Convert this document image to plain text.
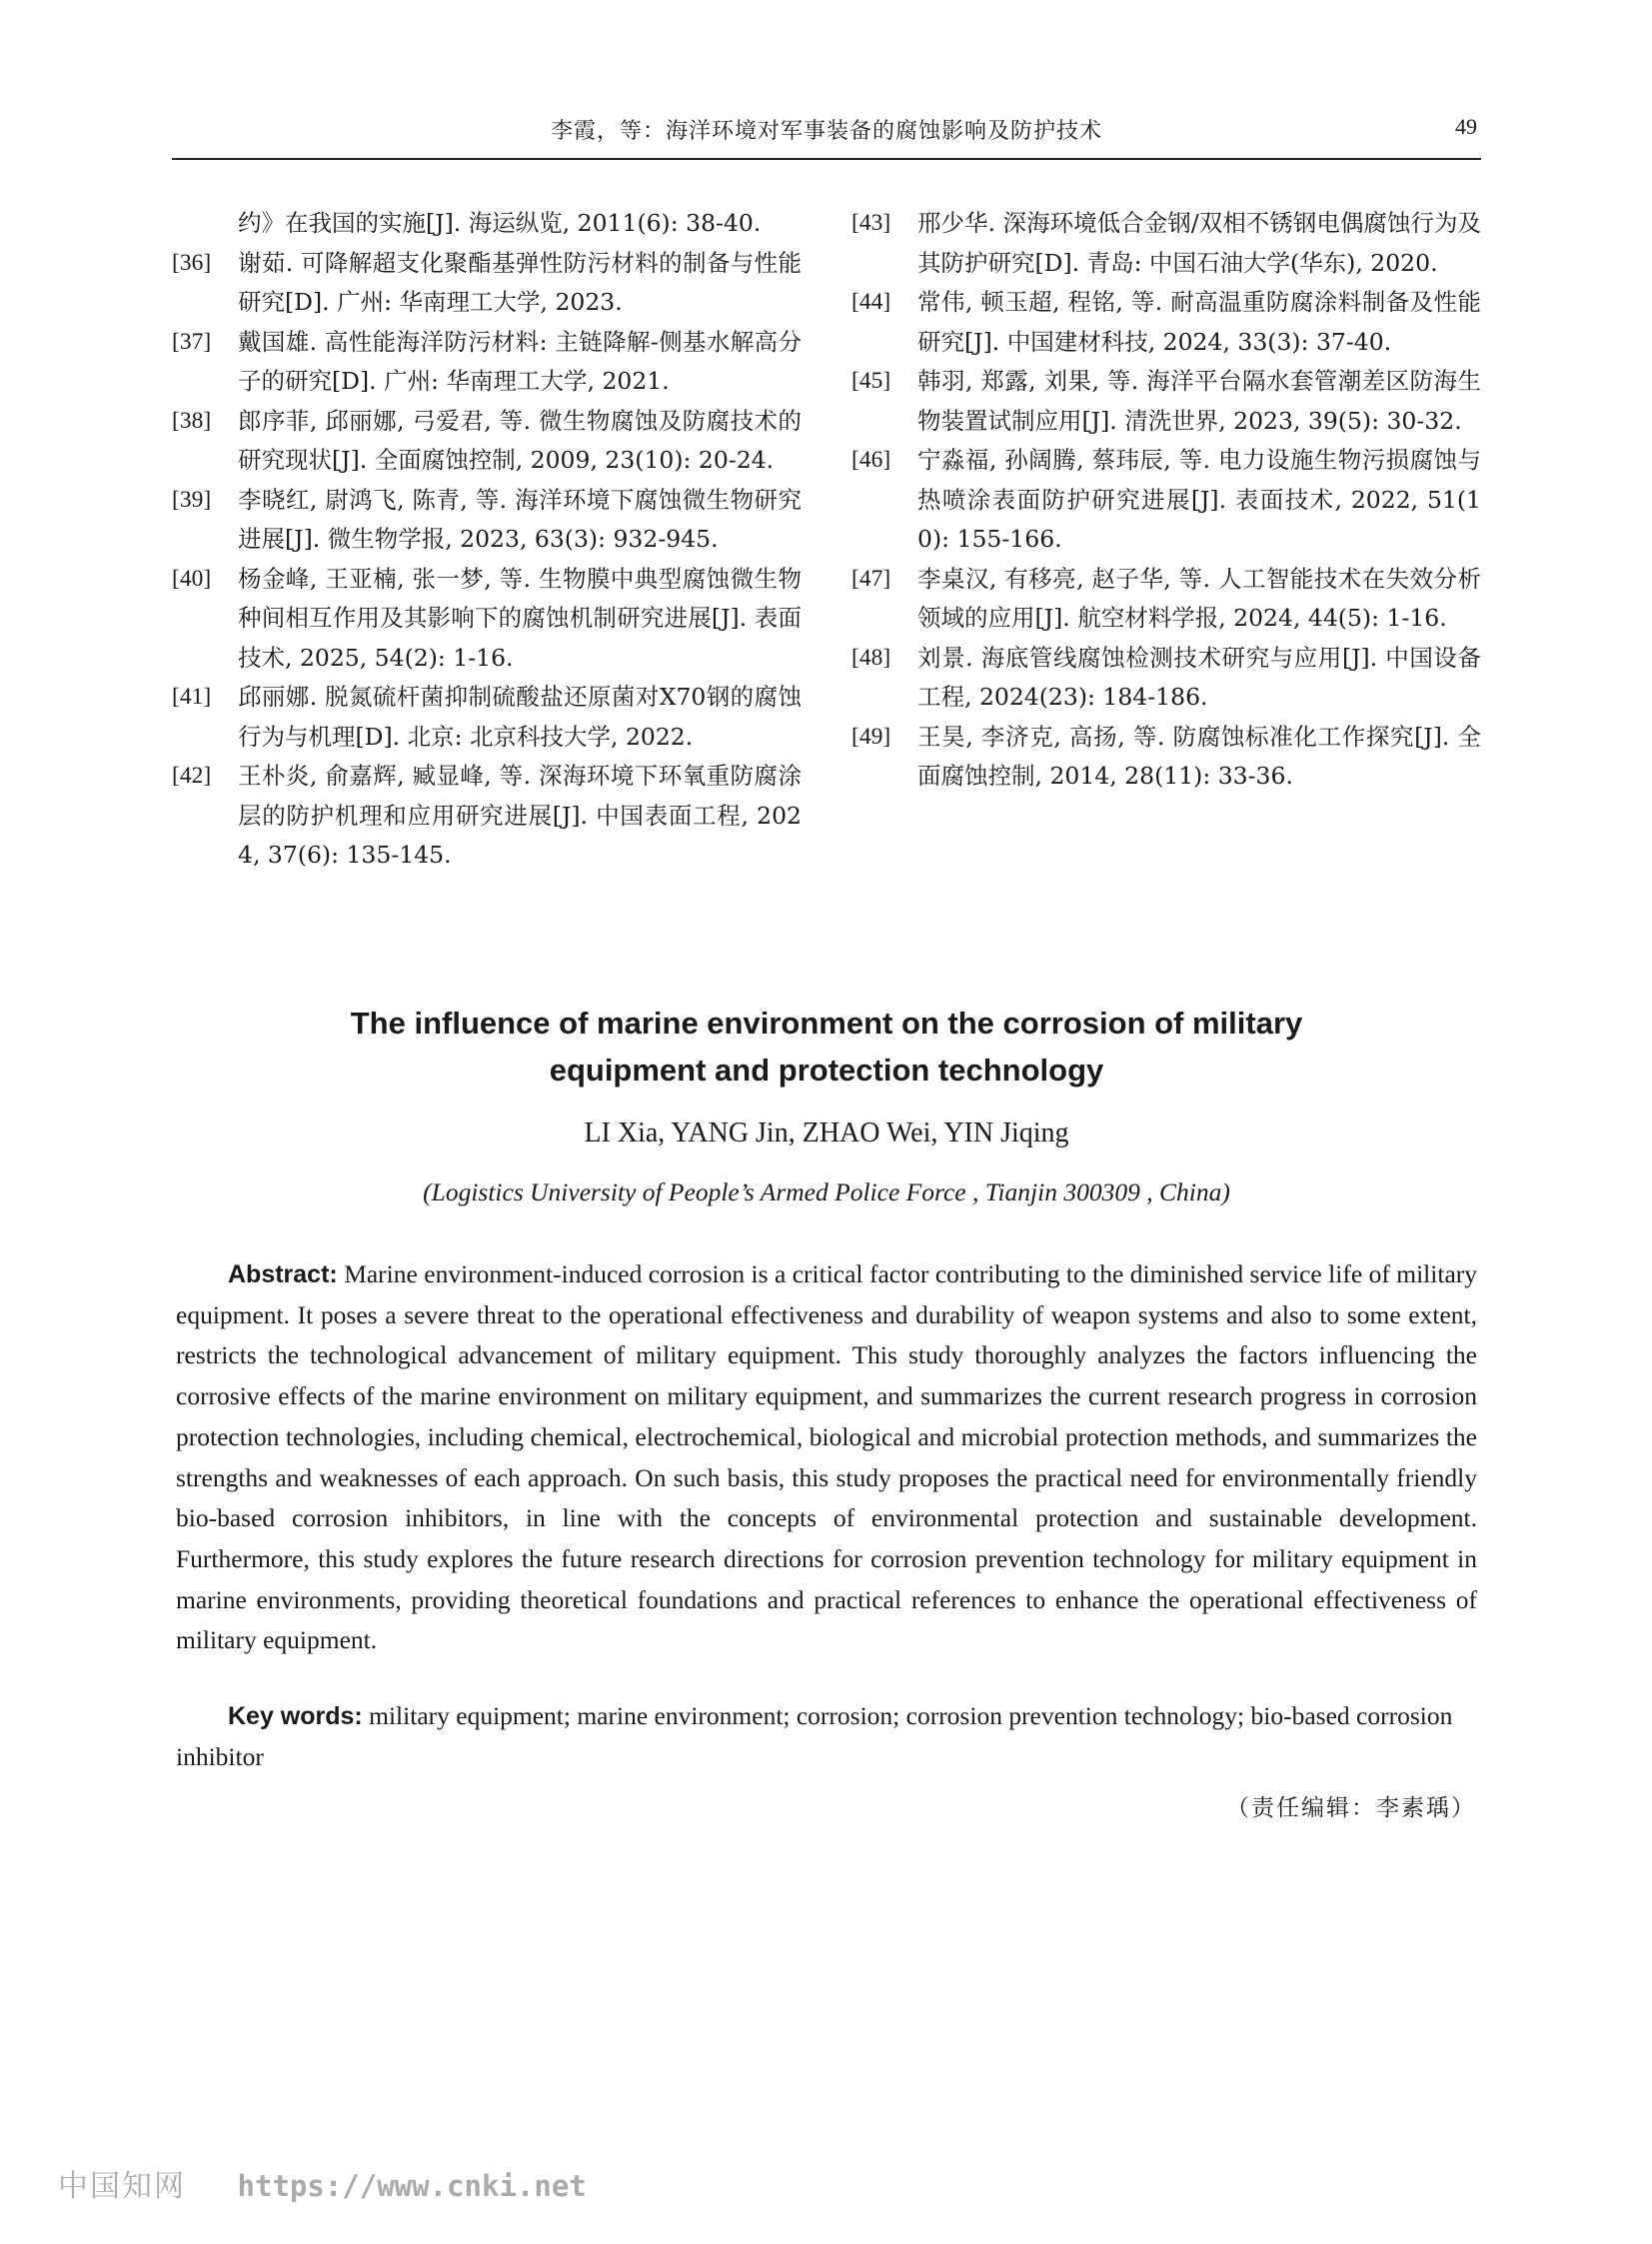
李霞，等：海洋环境对军事装备的腐蚀影响及防护技术	49
约》在我国的实施[J]. 海运纵览, 2011(6): 38-40.
[36] 谢茹. 可降解超支化聚酯基弹性防污材料的制备与性能研究[D]. 广州: 华南理工大学, 2023.
[37] 戴国雄. 高性能海洋防污材料: 主链降解-侧基水解高分子的研究[D]. 广州: 华南理工大学, 2021.
[38] 郎序菲, 邱丽娜, 弓爱君, 等. 微生物腐蚀及防腐技术的研究现状[J]. 全面腐蚀控制, 2009, 23(10): 20-24.
[39] 李晓红, 尉鸿飞, 陈青, 等. 海洋环境下腐蚀微生物研究进展[J]. 微生物学报, 2023, 63(3): 932-945.
[40] 杨金峰, 王亚楠, 张一梦, 等. 生物膜中典型腐蚀微生物种间相互作用及其影响下的腐蚀机制研究进展[J]. 表面技术, 2025, 54(2): 1-16.
[41] 邱丽娜. 脱氮硫杆菌抑制硫酸盐还原菌对X70钢的腐蚀行为与机理[D]. 北京: 北京科技大学, 2022.
[42] 王朴炎, 俞嘉辉, 臧显峰, 等. 深海环境下环氧重防腐涂层的防护机理和应用研究进展[J]. 中国表面工程, 2024, 37(6): 135-145.
[43] 邢少华. 深海环境低合金钢/双相不锈钢电偶腐蚀行为及其防护研究[D]. 青岛: 中国石油大学(华东), 2020.
[44] 常伟, 顿玉超, 程铭, 等. 耐高温重防腐涂料制备及性能研究[J]. 中国建材科技, 2024, 33(3): 37-40.
[45] 韩羽, 郑露, 刘果, 等. 海洋平台隔水套管潮差区防海生物装置试制应用[J]. 清洗世界, 2023, 39(5): 30-32.
[46] 宁淼福, 孙阔腾, 蔡玮辰, 等. 电力设施生物污损腐蚀与热喷涂表面防护研究进展[J]. 表面技术, 2022, 51(10): 155-166.
[47] 李桌汉, 有移亮, 赵子华, 等. 人工智能技术在失效分析领域的应用[J]. 航空材料学报, 2024, 44(5): 1-16.
[48] 刘景. 海底管线腐蚀检测技术研究与应用[J]. 中国设备工程, 2024(23): 184-186.
[49] 王昊, 李济克, 高扬, 等. 防腐蚀标准化工作探究[J]. 全面腐蚀控制, 2014, 28(11): 33-36.
The influence of marine environment on the corrosion of military
equipment and protection technology
LI Xia, YANG Jin, ZHAO Wei, YIN Jiqing
(Logistics University of People’s Armed Police Force , Tianjin 300309 , China)
Abstract: Marine environment-induced corrosion is a critical factor contributing to the diminished service life of military equipment. It poses a severe threat to the operational effectiveness and durability of weapon systems and also to some extent, restricts the technological advancement of military equipment. This study thoroughly analyzes the factors influencing the corrosive effects of the marine environment on military equipment, and summarizes the current research progress in corrosion protection technologies, including chemical, electrochemical, biological and microbial protection methods, and summarizes the strengths and weaknesses of each approach. On such basis, this study proposes the practical need for environmentally friendly bio-based corrosion inhibitors, in line with the concepts of environmental protection and sustainable development. Furthermore, this study explores the future research directions for corrosion prevention technology for military equipment in marine environments, providing theoretical foundations and practical references to enhance the operational effectiveness of military equipment.
Key words: military equipment; marine environment; corrosion; corrosion prevention technology; bio-based corrosion inhibitor
（责任编辑：李素瑀）
中国知网 https://www.cnki.net
